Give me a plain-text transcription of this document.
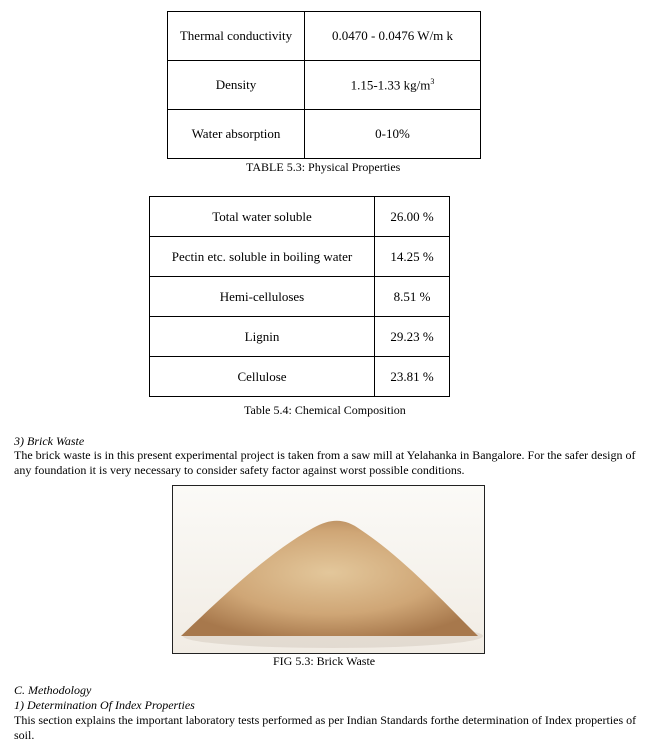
Thermal conductivity	0.0470 - 0.0476 W/m k
Density	1.15-1.33 $kg/m^3$
Water absorption	0-10%
TABLE 5.3: Physical Properties
Total water soluble	26.00 %
Pectin etc. soluble in boiling water	14.25 %
Hemi-celluloses	8.51 %
Lignin	29.23 %
Cellulose	23.81 %
Table 5.4: Chemical Composition
3) Brick Waste
The brick waste is in this present experimental project is taken from a saw mill at Yelahanka in Bangalore. For the safer design of any foundation it is very necessary to consider safety factor against worst possible conditions.
FIG 5.3: Brick Waste
C. Methodology
1) Determination Of Index Properties
This section explains the important laboratory tests performed as per Indian Standards forthe determination of Index properties of soil.
